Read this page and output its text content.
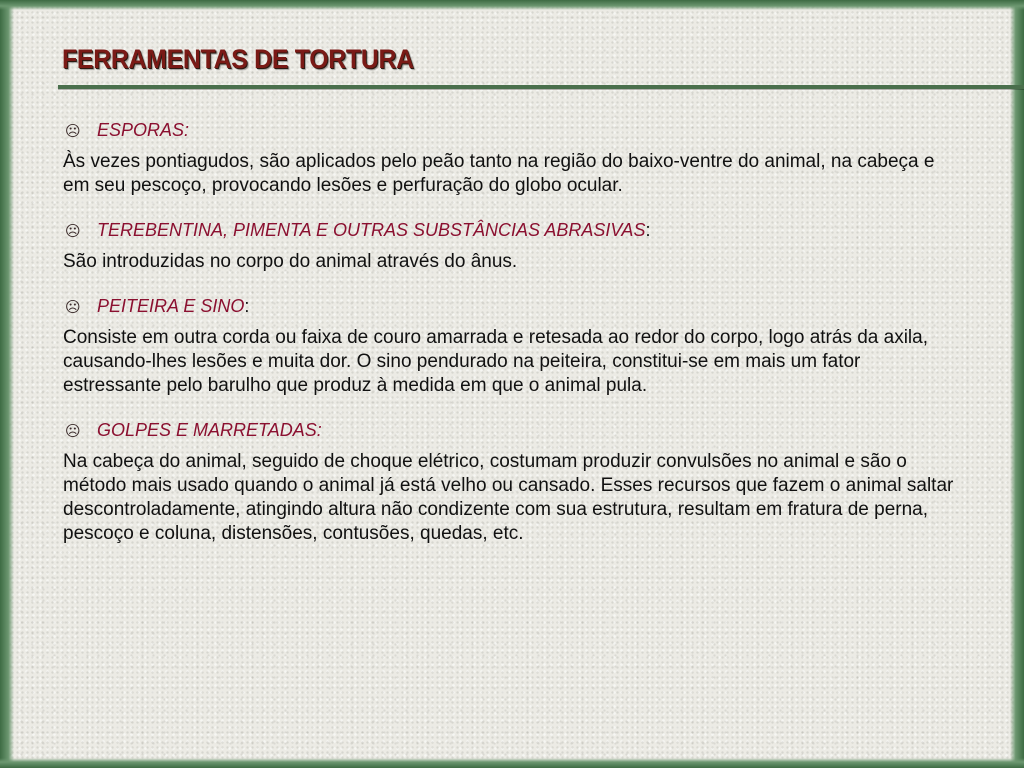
FERRAMENTAS DE TORTURA
☹ ESPORAS:

Às vezes pontiagudos, são aplicados pelo peão tanto na região do baixo-ventre do animal, na cabeça e em seu pescoço, provocando lesões e perfuração do globo ocular.

☹ TEREBENTINA, PIMENTA E OUTRAS SUBSTÂNCIAS ABRASIVAS :

São introduzidas no corpo do animal através do ânus.

☹ PEITEIRA E SINO :

Consiste em outra corda ou faixa de couro amarrada e retesada ao redor do corpo, logo atrás da axila, causando-lhes lesões e muita dor. O sino pendurado na peiteira, constitui-se em mais um fator estressante pelo barulho que produz à medida em que o animal pula.

☹ GOLPES E MARRETADAS:

Na cabeça do animal, seguido de choque elétrico, costumam produzir convulsões no animal e são o método mais usado quando o animal já está velho ou cansado. Esses recursos que fazem o animal saltar descontroladamente, atingindo altura não condizente com sua estrutura, resultam em fratura de perna, pescoço e coluna, distensões, contusões, quedas, etc.
